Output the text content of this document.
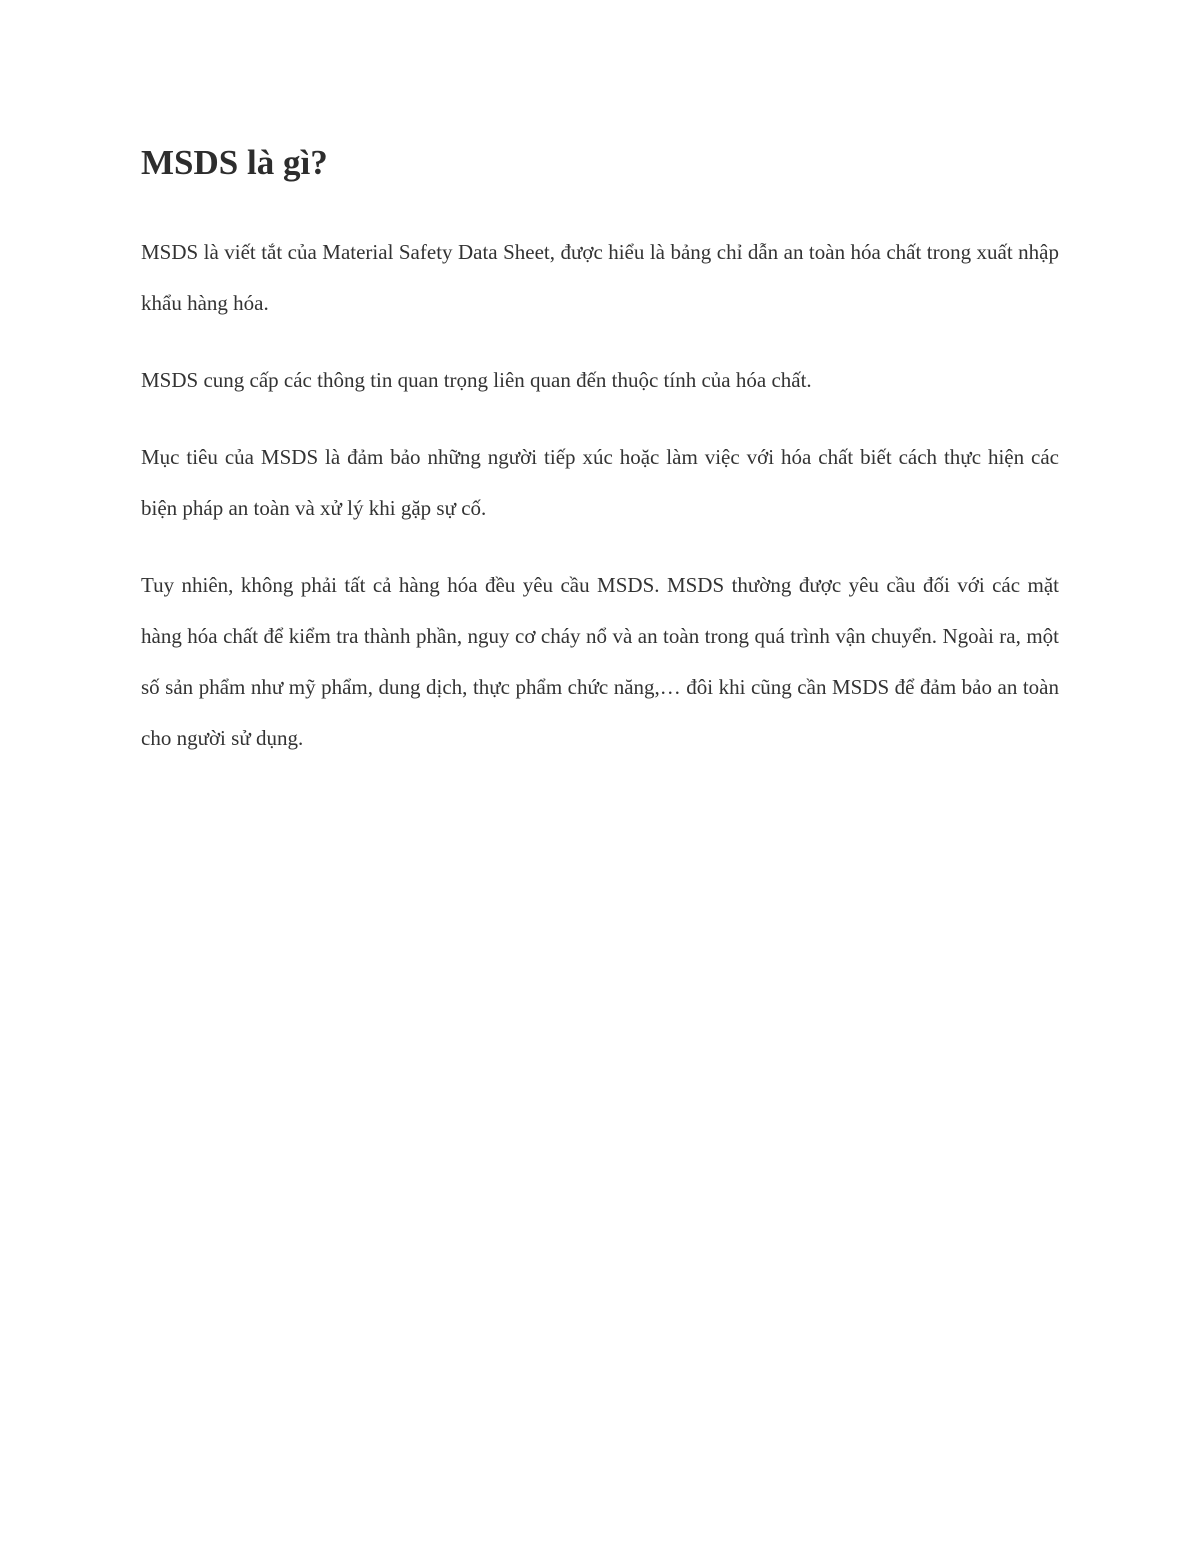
MSDS là gì?

MSDS là viết tắt của Material Safety Data Sheet, được hiểu là bảng chỉ dẫn an toàn hóa chất trong xuất nhập khẩu hàng hóa.

MSDS cung cấp các thông tin quan trọng liên quan đến thuộc tính của hóa chất.

Mục tiêu của MSDS là đảm bảo những người tiếp xúc hoặc làm việc với hóa chất biết cách thực hiện các biện pháp an toàn và xử lý khi gặp sự cố.

Tuy nhiên, không phải tất cả hàng hóa đều yêu cầu MSDS. MSDS thường được yêu cầu đối với các mặt hàng hóa chất để kiểm tra thành phần, nguy cơ cháy nổ và an toàn trong quá trình vận chuyển. Ngoài ra, một số sản phẩm như mỹ phẩm, dung dịch, thực phẩm chức năng,… đôi khi cũng cần MSDS để đảm bảo an toàn cho người sử dụng.
